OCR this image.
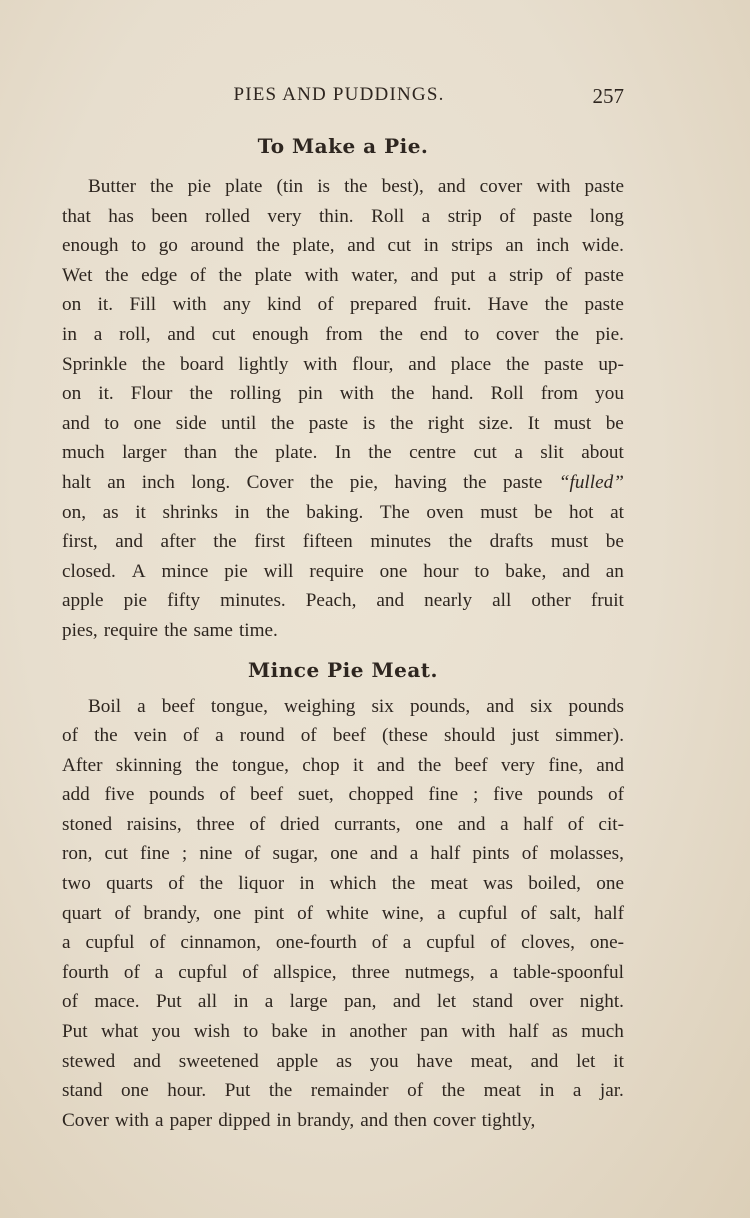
PIES AND PUDDINGS.	257
To Make a Pie.
Butter the pie plate (tin is the best), and cover with paste
that has been rolled very thin. Roll a strip of paste long
enough to go around the plate, and cut in strips an inch wide.
Wet the edge of the plate with water, and put a strip of paste
on it. Fill with any kind of prepared fruit. Have the paste
in a roll, and cut enough from the end to cover the pie.
Sprinkle the board lightly with flour, and place the paste up-
on it. Flour the rolling pin with the hand. Roll from you
and to one side until the paste is the right size. It must be
much larger than the plate. In the centre cut a slit about
halt an inch long. Cover the pie, having the paste “fulled”
on, as it shrinks in the baking. The oven must be hot at
first, and after the first fifteen minutes the drafts must be
closed. A mince pie will require one hour to bake, and an
apple pie fifty minutes. Peach, and nearly all other fruit
pies, require the same time.
Mince Pie Meat.
Boil a beef tongue, weighing six pounds, and six pounds
of the vein of a round of beef (these should just simmer).
After skinning the tongue, chop it and the beef very fine, and
add five pounds of beef suet, chopped fine ; five pounds of
stoned raisins, three of dried currants, one and a half of cit-
ron, cut fine ; nine of sugar, one and a half pints of molasses,
two quarts of the liquor in which the meat was boiled, one
quart of brandy, one pint of white wine, a cupful of salt, half
a cupful of cinnamon, one-fourth of a cupful of cloves, one-
fourth of a cupful of allspice, three nutmegs, a table-spoonful
of mace. Put all in a large pan, and let stand over night.
Put what you wish to bake in another pan with half as much
stewed and sweetened apple as you have meat, and let it
stand one hour. Put the remainder of the meat in a jar.
Cover with a paper dipped in brandy, and then cover tightly,
